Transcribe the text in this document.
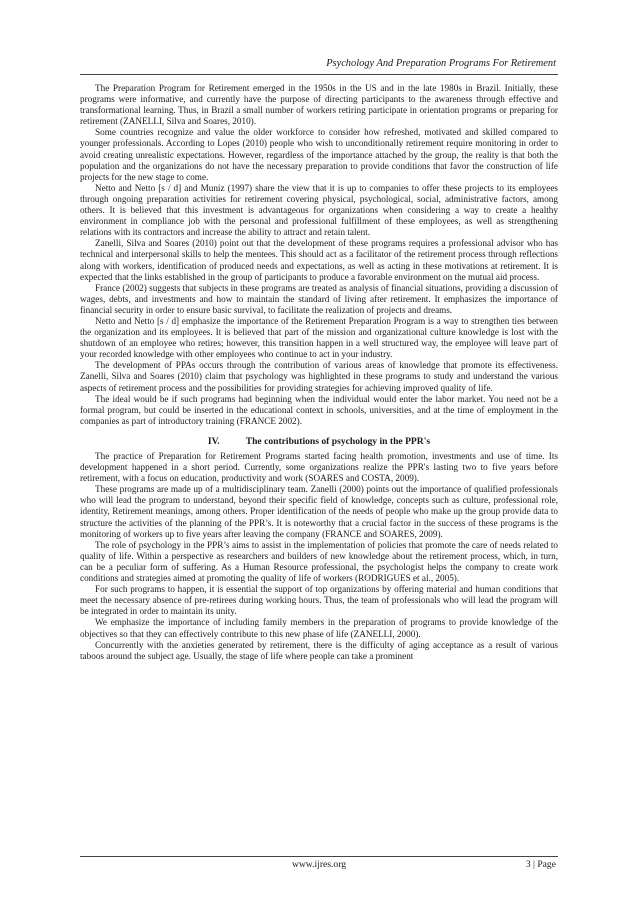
Psychology And Preparation Programs For Retirement

The Preparation Program for Retirement emerged in the 1950s in the US and in the late 1980s in Brazil. Initially, these programs were informative, and currently have the purpose of directing participants to the awareness through effective and transformational learning. Thus, in Brazil a small number of workers retiring participate in orientation programs or preparing for retirement (ZANELLI, Silva and Soares, 2010).

Some countries recognize and value the older workforce to consider how refreshed, motivated and skilled compared to younger professionals. According to Lopes (2010) people who wish to unconditionally retirement require monitoring in order to avoid creating unrealistic expectations. However, regardless of the importance attached by the group, the reality is that both the population and the organizations do not have the necessary preparation to provide conditions that favor the construction of life projects for the new stage to come.

Netto and Netto [s / d] and Muniz (1997) share the view that it is up to companies to offer these projects to its employees through ongoing preparation activities for retirement covering physical, psychological, social, administrative factors, among others. It is believed that this investment is advantageous for organizations when considering a way to create a healthy environment in compliance job with the personal and professional fulfillment of these employees, as well as strengthening relations with its contractors and increase the ability to attract and retain talent.

Zanelli, Silva and Soares (2010) point out that the development of these programs requires a professional advisor who has technical and interpersonal skills to help the mentees. This should act as a facilitator of the retirement process through reflections along with workers, identification of produced needs and expectations, as well as acting in these motivations at retirement. It is expected that the links established in the group of participants to produce a favorable environment on the mutual aid process.

France (2002) suggests that subjects in these programs are treated as analysis of financial situations, providing a discussion of wages, debts, and investments and how to maintain the standard of living after retirement. It emphasizes the importance of financial security in order to ensure basic survival, to facilitate the realization of projects and dreams.

Netto and Netto [s / d] emphasize the importance of the Retirement Preparation Program is a way to strengthen ties between the organization and its employees. It is believed that part of the mission and organizational culture knowledge is lost with the shutdown of an employee who retires; however, this transition happen in a well structured way, the employee will leave part of your recorded knowledge with other employees who continue to act in your industry.

The development of PPAs occurs through the contribution of various areas of knowledge that promote its effectiveness. Zanelli, Silva and Soares (2010) claim that psychology was highlighted in these programs to study and understand the various aspects of retirement process and the possibilities for providing strategies for achieving improved quality of life.

The ideal would be if such programs had beginning when the individual would enter the labor market. You need not be a formal program, but could be inserted in the educational context in schools, universities, and at the time of employment in the companies as part of introductory training (FRANCE 2002).

IV.	The contributions of psychology in the PPR's

The practice of Preparation for Retirement Programs started facing health promotion, investments and use of time. Its development happened in a short period. Currently, some organizations realize the PPR's lasting two to five years before retirement, with a focus on education, productivity and work (SOARES and COSTA, 2009).

These programs are made up of a multidisciplinary team. Zanelli (2000) points out the importance of qualified professionals who will lead the program to understand, beyond their specific field of knowledge, concepts such as culture, professional role, identity, Retirement meanings, among others. Proper identification of the needs of people who make up the group provide data to structure the activities of the planning of the PPR’s. It is noteworthy that a crucial factor in the success of these programs is the monitoring of workers up to five years after leaving the company (FRANCE and SOARES, 2009).

The role of psychology in the PPR’s aims to assist in the implementation of policies that promote the care of needs related to quality of life. Within a perspective as researchers and builders of new knowledge about the retirement process, which, in turn, can be a peculiar form of suffering. As a Human Resource professional, the psychologist helps the company to create work conditions and strategies aimed at promoting the quality of life of workers (RODRIGUES et al., 2005).

For such programs to happen, it is essential the support of top organizations by offering material and human conditions that meet the necessary absence of pre-retirees during working hours. Thus, the team of professionals who will lead the program will be integrated in order to maintain its unity.

We emphasize the importance of including family members in the preparation of programs to provide knowledge of the objectives so that they can effectively contribute to this new phase of life (ZANELLI, 2000).

Concurrently with the anxieties generated by retirement, there is the difficulty of aging acceptance as a result of various taboos around the subject age. Usually, the stage of life where people can take a prominent

www.ijres.org	3 | Page
